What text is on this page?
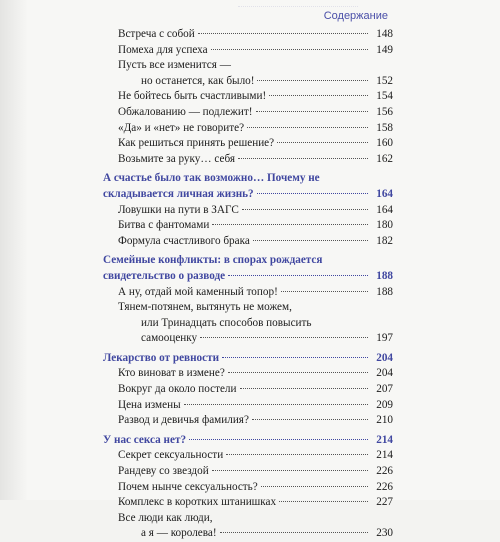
Содержание
Встреча с собой	148
Помеха для успеха	149
Пусть все изменится —
но останется, как было!	152
Не бойтесь быть счастливыми!	154
Обжалованию — подлежит!	156
«Да» и «нет» не говорите?	158
Как решиться принять решение?	160
Возьмите за руку… себя	162
А счастье было так возможно… Почему не
складывается личная жизнь?	164
Ловушки на пути в ЗАГС	164
Битва с фантомами	180
Формула счастливого брака	182
Семейные конфликты: в спорах рождается
свидетельство о разводе	188
А ну, отдай мой каменный топор!	188
Тянем-потянем, вытянуть не можем,
или Тринадцать способов повысить
самооценку	197
Лекарство от ревности	204
Кто виноват в измене?	204
Вокруг да около постели	207
Цена измены	209
Развод и девичья фамилия?	210
У нас секса нет?	214
Секрет сексуальности	214
Рандеву со звездой	226
Почем нынче сексуальность?	226
Комплекс в коротких штанишках	227
Все люди как люди,
а я — королева!	230
